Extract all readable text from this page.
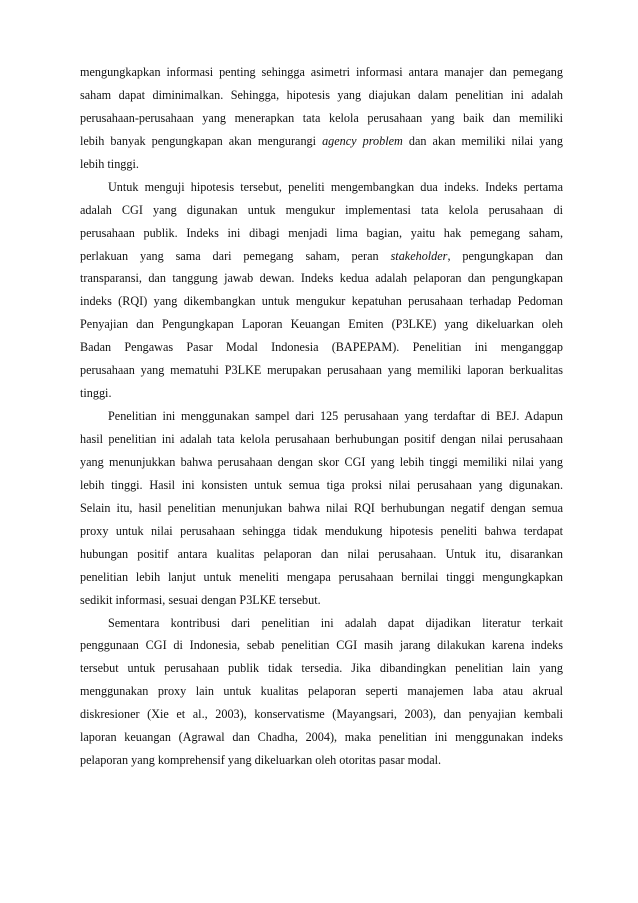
mengungkapkan informasi penting sehingga asimetri informasi antara manajer dan pemegang
saham dapat diminimalkan. Sehingga, hipotesis yang diajukan dalam penelitian ini adalah
perusahaan-perusahaan yang menerapkan tata kelola perusahaan yang baik dan memiliki
lebih banyak pengungkapan akan mengurangi agency problem dan akan memiliki nilai yang
lebih tinggi.
Untuk menguji hipotesis tersebut, peneliti mengembangkan dua indeks. Indeks pertama
adalah CGI yang digunakan untuk mengukur implementasi tata kelola perusahaan di
perusahaan publik. Indeks ini dibagi menjadi lima bagian, yaitu hak pemegang saham,
perlakuan yang sama dari pemegang saham, peran stakeholder, pengungkapan dan
transparansi, dan tanggung jawab dewan. Indeks kedua adalah pelaporan dan pengungkapan
indeks (RQI) yang dikembangkan untuk mengukur kepatuhan perusahaan terhadap Pedoman
Penyajian dan Pengungkapan Laporan Keuangan Emiten (P3LKE) yang dikeluarkan oleh
Badan Pengawas Pasar Modal Indonesia (BAPEPAM). Penelitian ini menganggap
perusahaan yang mematuhi P3LKE merupakan perusahaan yang memiliki laporan berkualitas
tinggi.
Penelitian ini menggunakan sampel dari 125 perusahaan yang terdaftar di BEJ. Adapun
hasil penelitian ini adalah tata kelola perusahaan berhubungan positif dengan nilai perusahaan
yang menunjukkan bahwa perusahaan dengan skor CGI yang lebih tinggi memiliki nilai yang
lebih tinggi. Hasil ini konsisten untuk semua tiga proksi nilai perusahaan yang digunakan.
Selain itu, hasil penelitian menunjukan bahwa nilai RQI berhubungan negatif dengan semua
proxy untuk nilai perusahaan sehingga tidak mendukung hipotesis peneliti bahwa terdapat
hubungan positif antara kualitas pelaporan dan nilai perusahaan. Untuk itu, disarankan
penelitian lebih lanjut untuk meneliti mengapa perusahaan bernilai tinggi mengungkapkan
sedikit informasi, sesuai dengan P3LKE tersebut.
Sementara kontribusi dari penelitian ini adalah dapat dijadikan literatur terkait
penggunaan CGI di Indonesia, sebab penelitian CGI masih jarang dilakukan karena indeks
tersebut untuk perusahaan publik tidak tersedia. Jika dibandingkan penelitian lain yang
menggunakan proxy lain untuk kualitas pelaporan seperti manajemen laba atau akrual
diskresioner (Xie et al., 2003), konservatisme (Mayangsari, 2003), dan penyajian kembali
laporan keuangan (Agrawal dan Chadha, 2004), maka penelitian ini menggunakan indeks
pelaporan yang komprehensif yang dikeluarkan oleh otoritas pasar modal.
